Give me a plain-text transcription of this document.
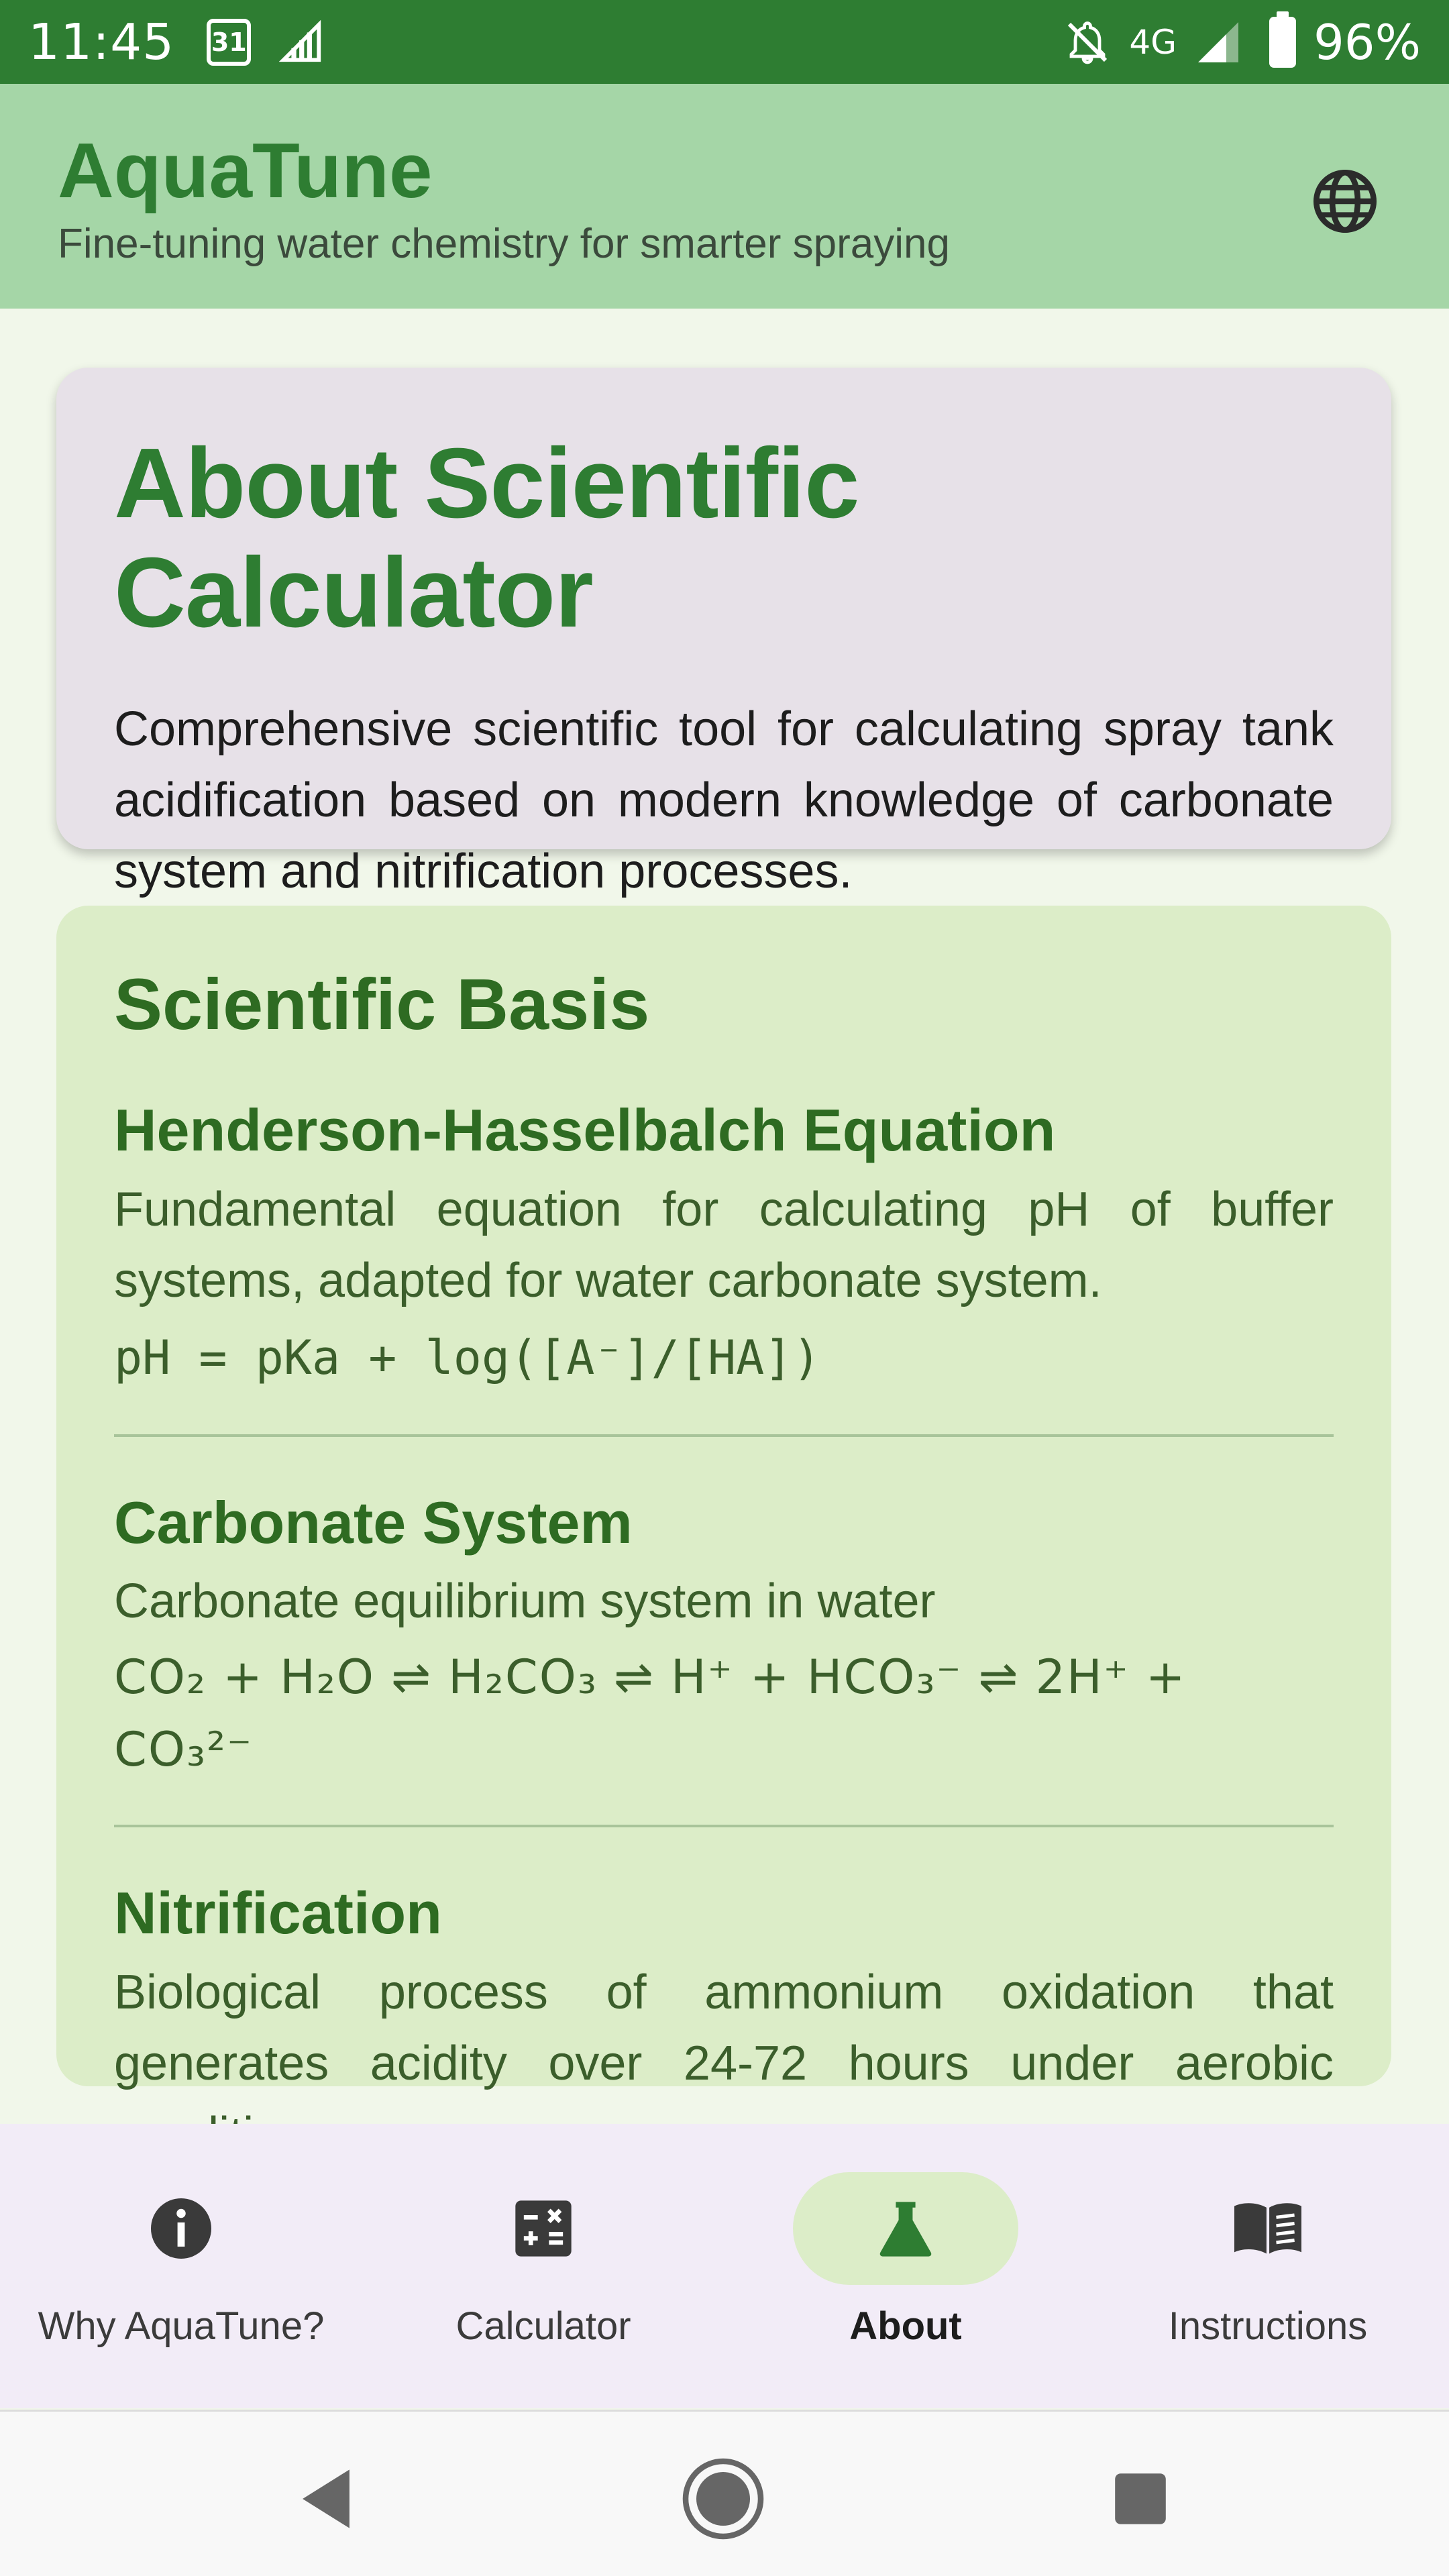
11:45 31	4G	96%
AquaTune
Fine-tuning water chemistry for smarter spraying
About Scientific Calculator
Comprehensive scientific tool for calculating spray tank acidification based on modern knowledge of carbonate system and nitrification processes.
Scientific Basis
Henderson-Hasselbalch Equation
Fundamental equation for calculating pH of buffer systems, adapted for water carbonate system.
pH = pKa + log([A⁻]/[HA])
Carbonate System
Carbonate equilibrium system in water
CO₂ + H₂O ⇌ H₂CO₃ ⇌ H⁺ + HCO₃⁻ ⇌ 2H⁺ + CO₃²⁻
Nitrification
Biological process of ammonium oxidation that generates acidity over 24-72 hours under aerobic
Why AquaTune?	Calculator	About	Instructions
